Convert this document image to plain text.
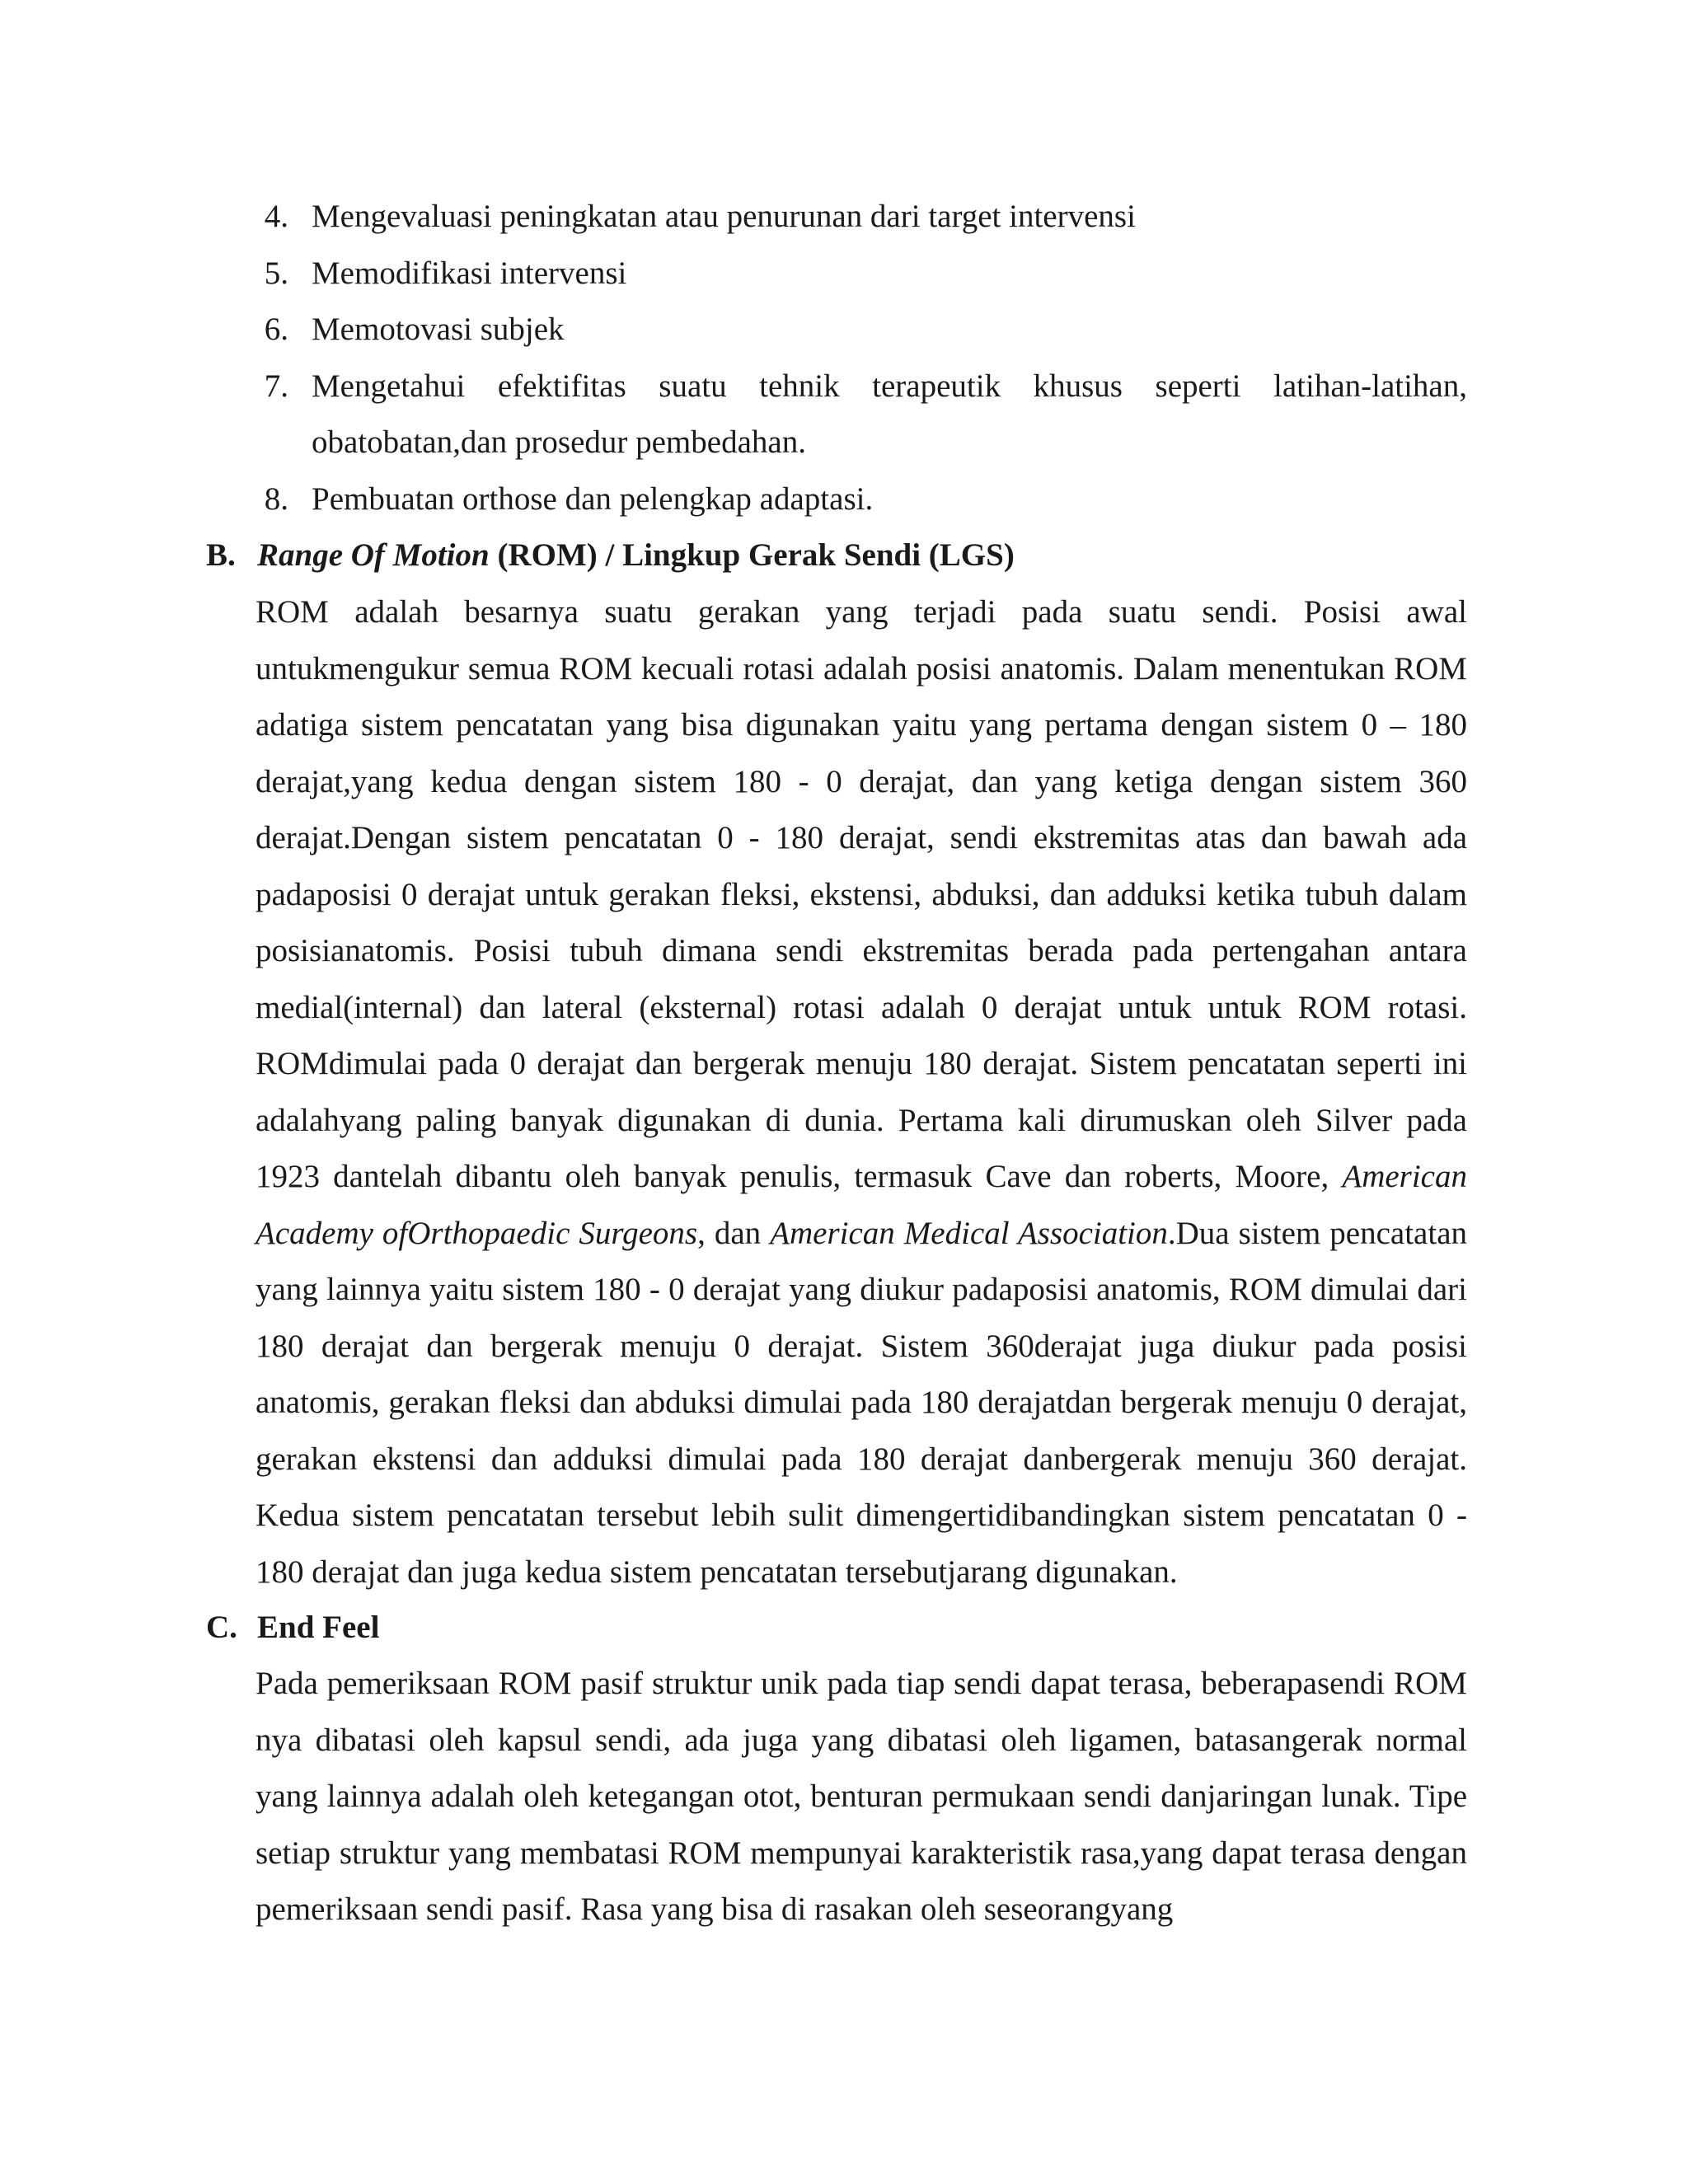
4. Mengevaluasi peningkatan atau penurunan dari target intervensi
5. Memodifikasi intervensi
6. Memotovasi subjek
7. Mengetahui efektifitas suatu tehnik terapeutik khusus seperti latihan-latihan, obatobatan,dan prosedur pembedahan.
8. Pembuatan orthose dan pelengkap adaptasi.
B. Range Of Motion (ROM) / Lingkup Gerak Sendi (LGS)

ROM adalah besarnya suatu gerakan yang terjadi pada suatu sendi. Posisi awal untukmengukur semua ROM kecuali rotasi adalah posisi anatomis. Dalam menentukan ROM adatiga sistem pencatatan yang bisa digunakan yaitu yang pertama dengan sistem 0 – 180 derajat,yang kedua dengan sistem 180 - 0 derajat, dan yang ketiga dengan sistem 360 derajat.Dengan sistem pencatatan 0 - 180 derajat, sendi ekstremitas atas dan bawah ada padaposisi 0 derajat untuk gerakan fleksi, ekstensi, abduksi, dan adduksi ketika tubuh dalam posisianatomis. Posisi tubuh dimana sendi ekstremitas berada pada pertengahan antara medial(internal) dan lateral (eksternal) rotasi adalah 0 derajat untuk untuk ROM rotasi. ROMdimulai pada 0 derajat dan bergerak menuju 180 derajat. Sistem pencatatan seperti ini adalahyang paling banyak digunakan di dunia. Pertama kali dirumuskan oleh Silver pada 1923 dantelah dibantu oleh banyak penulis, termasuk Cave dan roberts, Moore, American Academy ofOrthopaedic Surgeons, dan American Medical Association.Dua sistem pencatatan yang lainnya yaitu sistem 180 - 0 derajat yang diukur padaposisi anatomis, ROM dimulai dari 180 derajat dan bergerak menuju 0 derajat. Sistem 360derajat juga diukur pada posisi anatomis, gerakan fleksi dan abduksi dimulai pada 180 derajatdan bergerak menuju 0 derajat, gerakan ekstensi dan adduksi dimulai pada 180 derajat danbergerak menuju 360 derajat. Kedua sistem pencatatan tersebut lebih sulit dimengertidibandingkan sistem pencatatan 0 - 180 derajat dan juga kedua sistem pencatatan tersebutjarang digunakan.

C. End Feel

Pada pemeriksaan ROM pasif struktur unik pada tiap sendi dapat terasa, beberapasendi ROM nya dibatasi oleh kapsul sendi, ada juga yang dibatasi oleh ligamen, batasangerak normal yang lainnya adalah oleh ketegangan otot, benturan permukaan sendi danjaringan lunak. Tipe setiap struktur yang membatasi ROM mempunyai karakteristik rasa,yang dapat terasa dengan pemeriksaan sendi pasif. Rasa yang bisa di rasakan oleh seseorangyang
